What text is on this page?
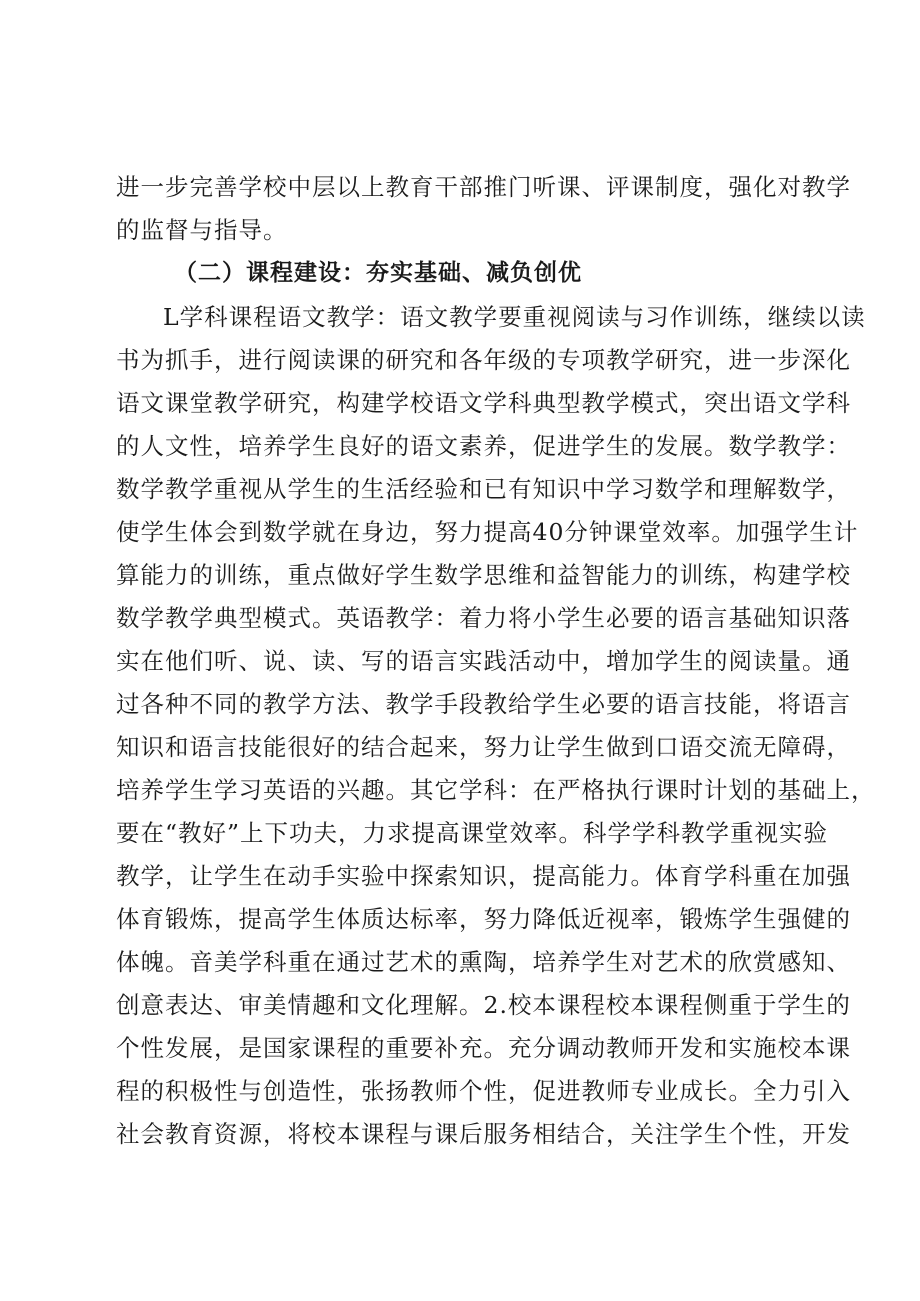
进一步完善学校中层以上教育干部推门听课、评课制度，强化对教学
的监督与指导。
（二）课程建设：夯实基础、减负创优
L学科课程语文教学：语文教学要重视阅读与习作训练，继续以读
书为抓手，进行阅读课的研究和各年级的专项教学研究，进一步深化
语文课堂教学研究，构建学校语文学科典型教学模式，突出语文学科
的人文性，培养学生良好的语文素养，促进学生的发展。数学教学：
数学教学重视从学生的生活经验和已有知识中学习数学和理解数学，
使学生体会到数学就在身边，努力提高40分钟课堂效率。加强学生计
算能力的训练，重点做好学生数学思维和益智能力的训练，构建学校
数学教学典型模式。英语教学：着力将小学生必要的语言基础知识落
实在他们听、说、读、写的语言实践活动中，增加学生的阅读量。通
过各种不同的教学方法、教学手段教给学生必要的语言技能，将语言
知识和语言技能很好的结合起来，努力让学生做到口语交流无障碍，
培养学生学习英语的兴趣。其它学科：在严格执行课时计划的基础上，
要在“教好”上下功夫，力求提高课堂效率。科学学科教学重视实验
教学，让学生在动手实验中探索知识，提高能力。体育学科重在加强
体育锻炼，提高学生体质达标率，努力降低近视率，锻炼学生强健的
体魄。音美学科重在通过艺术的熏陶，培养学生对艺术的欣赏感知、
创意表达、审美情趣和文化理解。2.校本课程校本课程侧重于学生的
个性发展，是国家课程的重要补充。充分调动教师开发和实施校本课
程的积极性与创造性，张扬教师个性，促进教师专业成长。全力引入
社会教育资源，将校本课程与课后服务相结合，关注学生个性，开发
